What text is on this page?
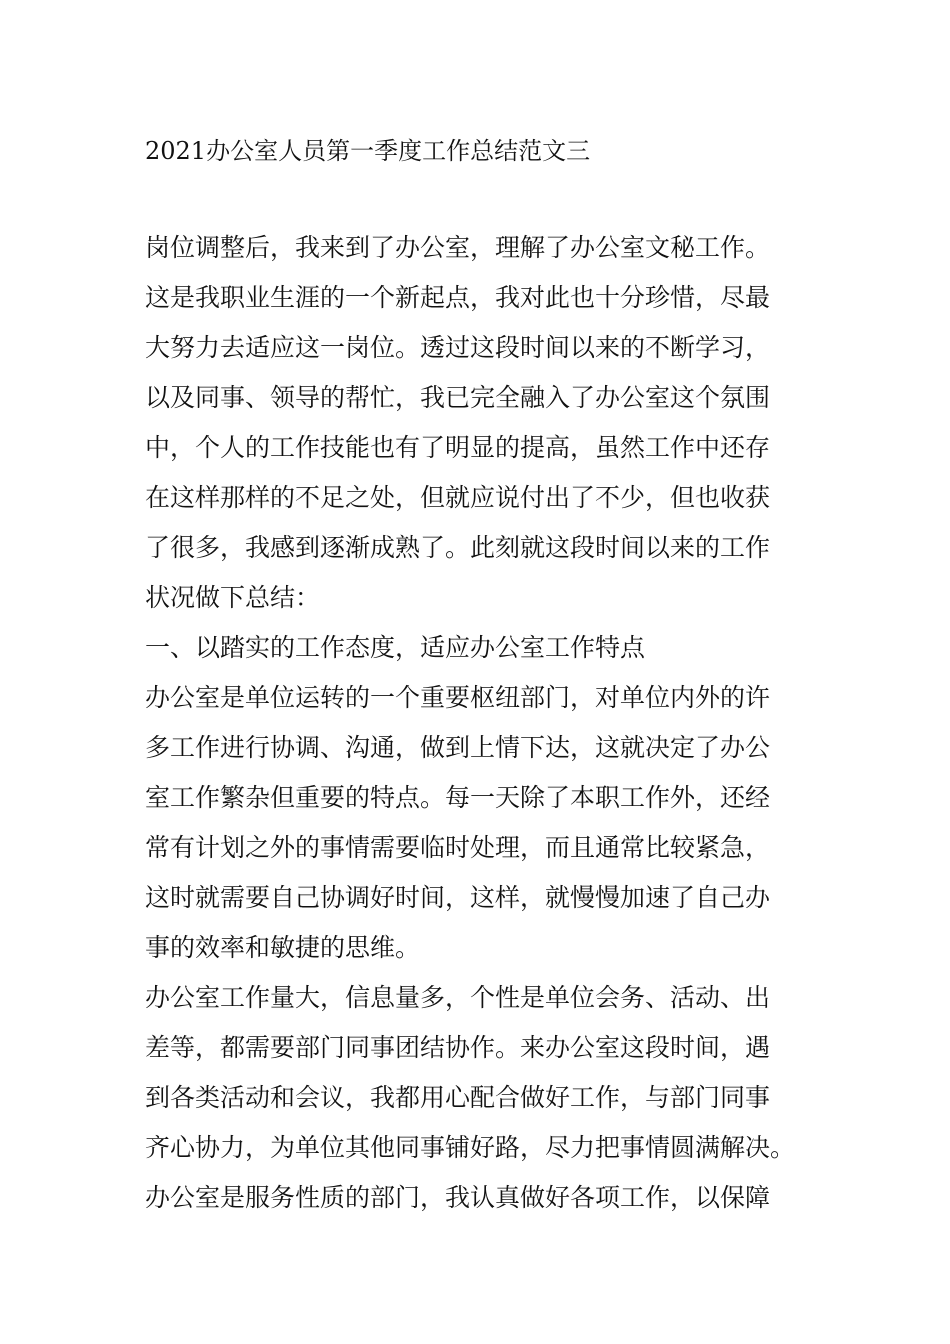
2021办公室人员第一季度工作总结范文三
岗位调整后，我来到了办公室，理解了办公室文秘工作。
这是我职业生涯的一个新起点，我对此也十分珍惜，尽最
大努力去适应这一岗位。透过这段时间以来的不断学习，
以及同事、领导的帮忙，我已完全融入了办公室这个氛围
中，个人的工作技能也有了明显的提高，虽然工作中还存
在这样那样的不足之处，但就应说付出了不少，但也收获
了很多，我感到逐渐成熟了。此刻就这段时间以来的工作
状况做下总结：
一、以踏实的工作态度，适应办公室工作特点
办公室是单位运转的一个重要枢纽部门，对单位内外的许
多工作进行协调、沟通，做到上情下达，这就决定了办公
室工作繁杂但重要的特点。每一天除了本职工作外，还经
常有计划之外的事情需要临时处理，而且通常比较紧急，
这时就需要自己协调好时间，这样，就慢慢加速了自己办
事的效率和敏捷的思维。
办公室工作量大，信息量多，个性是单位会务、活动、出
差等，都需要部门同事团结协作。来办公室这段时间，遇
到各类活动和会议，我都用心配合做好工作，与部门同事
齐心协力，为单位其他同事铺好路，尽力把事情圆满解决。
办公室是服务性质的部门，我认真做好各项工作，以保障
